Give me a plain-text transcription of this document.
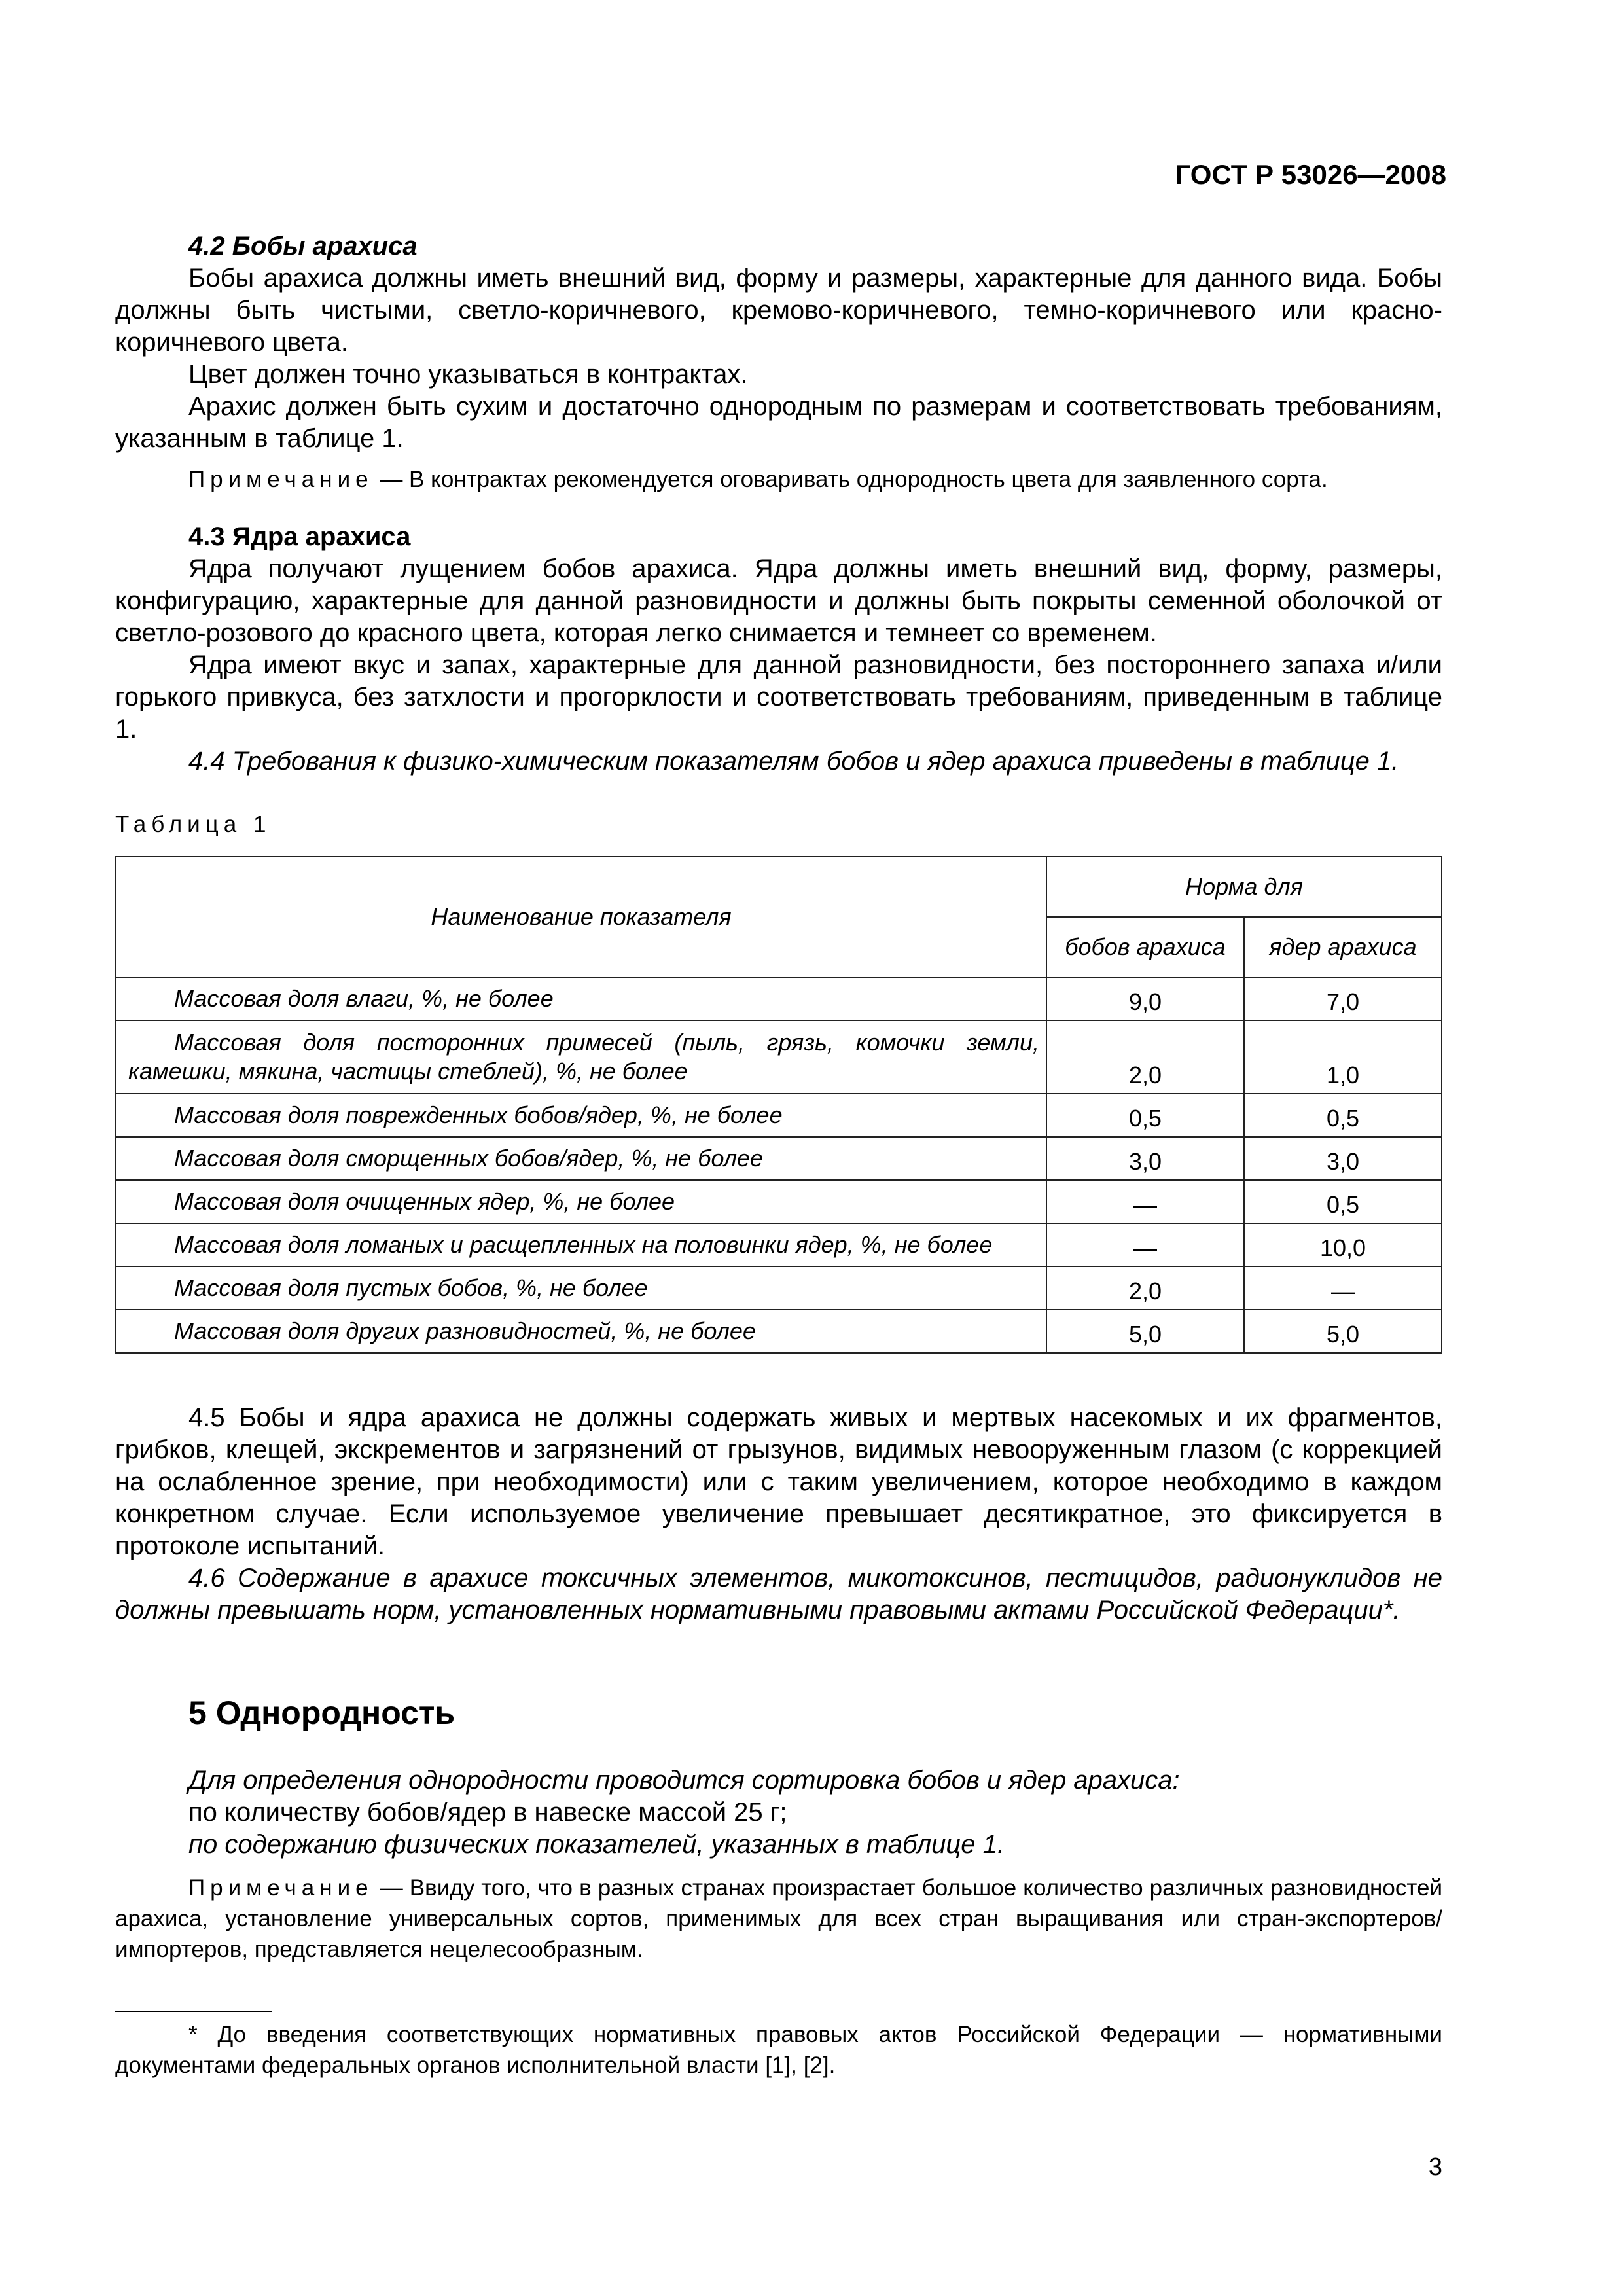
ГОСТ Р 53026—2008

4.2 Бобы арахиса

Бобы арахиса должны иметь внешний вид, форму и размеры, характерные для данного вида. Бобы должны быть чистыми, светло-коричневого, кремово-коричневого, темно-коричневого или красно-коричневого цвета.

Цвет должен точно указываться в контрактах.

Арахис должен быть сухим и достаточно однородным по размерам и соответствовать требованиям, указанным в таблице 1.

Примечание — В контрактах рекомендуется оговаривать однородность цвета для заявленного сорта.

4.3 Ядра арахиса

Ядра получают лущением бобов арахиса. Ядра должны иметь внешний вид, форму, размеры, конфигурацию, характерные для данной разновидности и должны быть покрыты семенной оболочкой от светло-розового до красного цвета, которая легко снимается и темнеет со временем.

Ядра имеют вкус и запах, характерные для данной разновидности, без постороннего запаха и/или горького привкуса, без затхлости и прогорклости и соответствовать требованиям, приведенным в таблице 1.

4.4 Требования к физико-химическим показателям бобов и ядер арахиса приведены в таблице 1.

Таблица 1
Наименование показателя	Норма для	
	бобов арахиса	ядер арахиса
Массовая доля влаги, %, не более	9,0	7,0
Массовая доля посторонних примесей (пыль, грязь, комочки земли, камешки, мякина, частицы стеблей), %, не более	2,0	1,0
Массовая доля поврежденных бобов/ядер, %, не более	0,5	0,5
Массовая доля сморщенных бобов/ядер, %, не более	3,0	3,0
Массовая доля очищенных ядер, %, не более	—	0,5
Массовая доля ломаных и расщепленных на половинки ядер, %, не более	—	10,0
Массовая доля пустых бобов, %, не более	2,0	—
Массовая доля других разновидностей, %, не более	5,0	5,0

4.5 Бобы и ядра арахиса не должны содержать живых и мертвых насекомых и их фрагментов, грибков, клещей, экскрементов и загрязнений от грызунов, видимых невооруженным глазом (с коррекцией на ослабленное зрение, при необходимости) или с таким увеличением, которое необходимо в каждом конкретном случае. Если используемое увеличение превышает десятикратное, это фиксируется в протоколе испытаний.

4.6 Содержание в арахисе токсичных элементов, микотоксинов, пестицидов, радионуклидов не должны превышать норм, установленных нормативными правовыми актами Российской Федерации*.

5 Однородность

Для определения однородности проводится сортировка бобов и ядер арахиса:

по количеству бобов/ядер в навеске массой 25 г;

по содержанию физических показателей, указанных в таблице 1.

Примечание — Ввиду того, что в разных странах произрастает большое количество различных разновидностей арахиса, установление универсальных сортов, применимых для всех стран выращивания или стран-экспортеров/импортеров, представляется нецелесообразным.

* До введения соответствующих нормативных правовых актов Российской Федерации — нормативными документами федеральных органов исполнительной власти [1], [2].
3
